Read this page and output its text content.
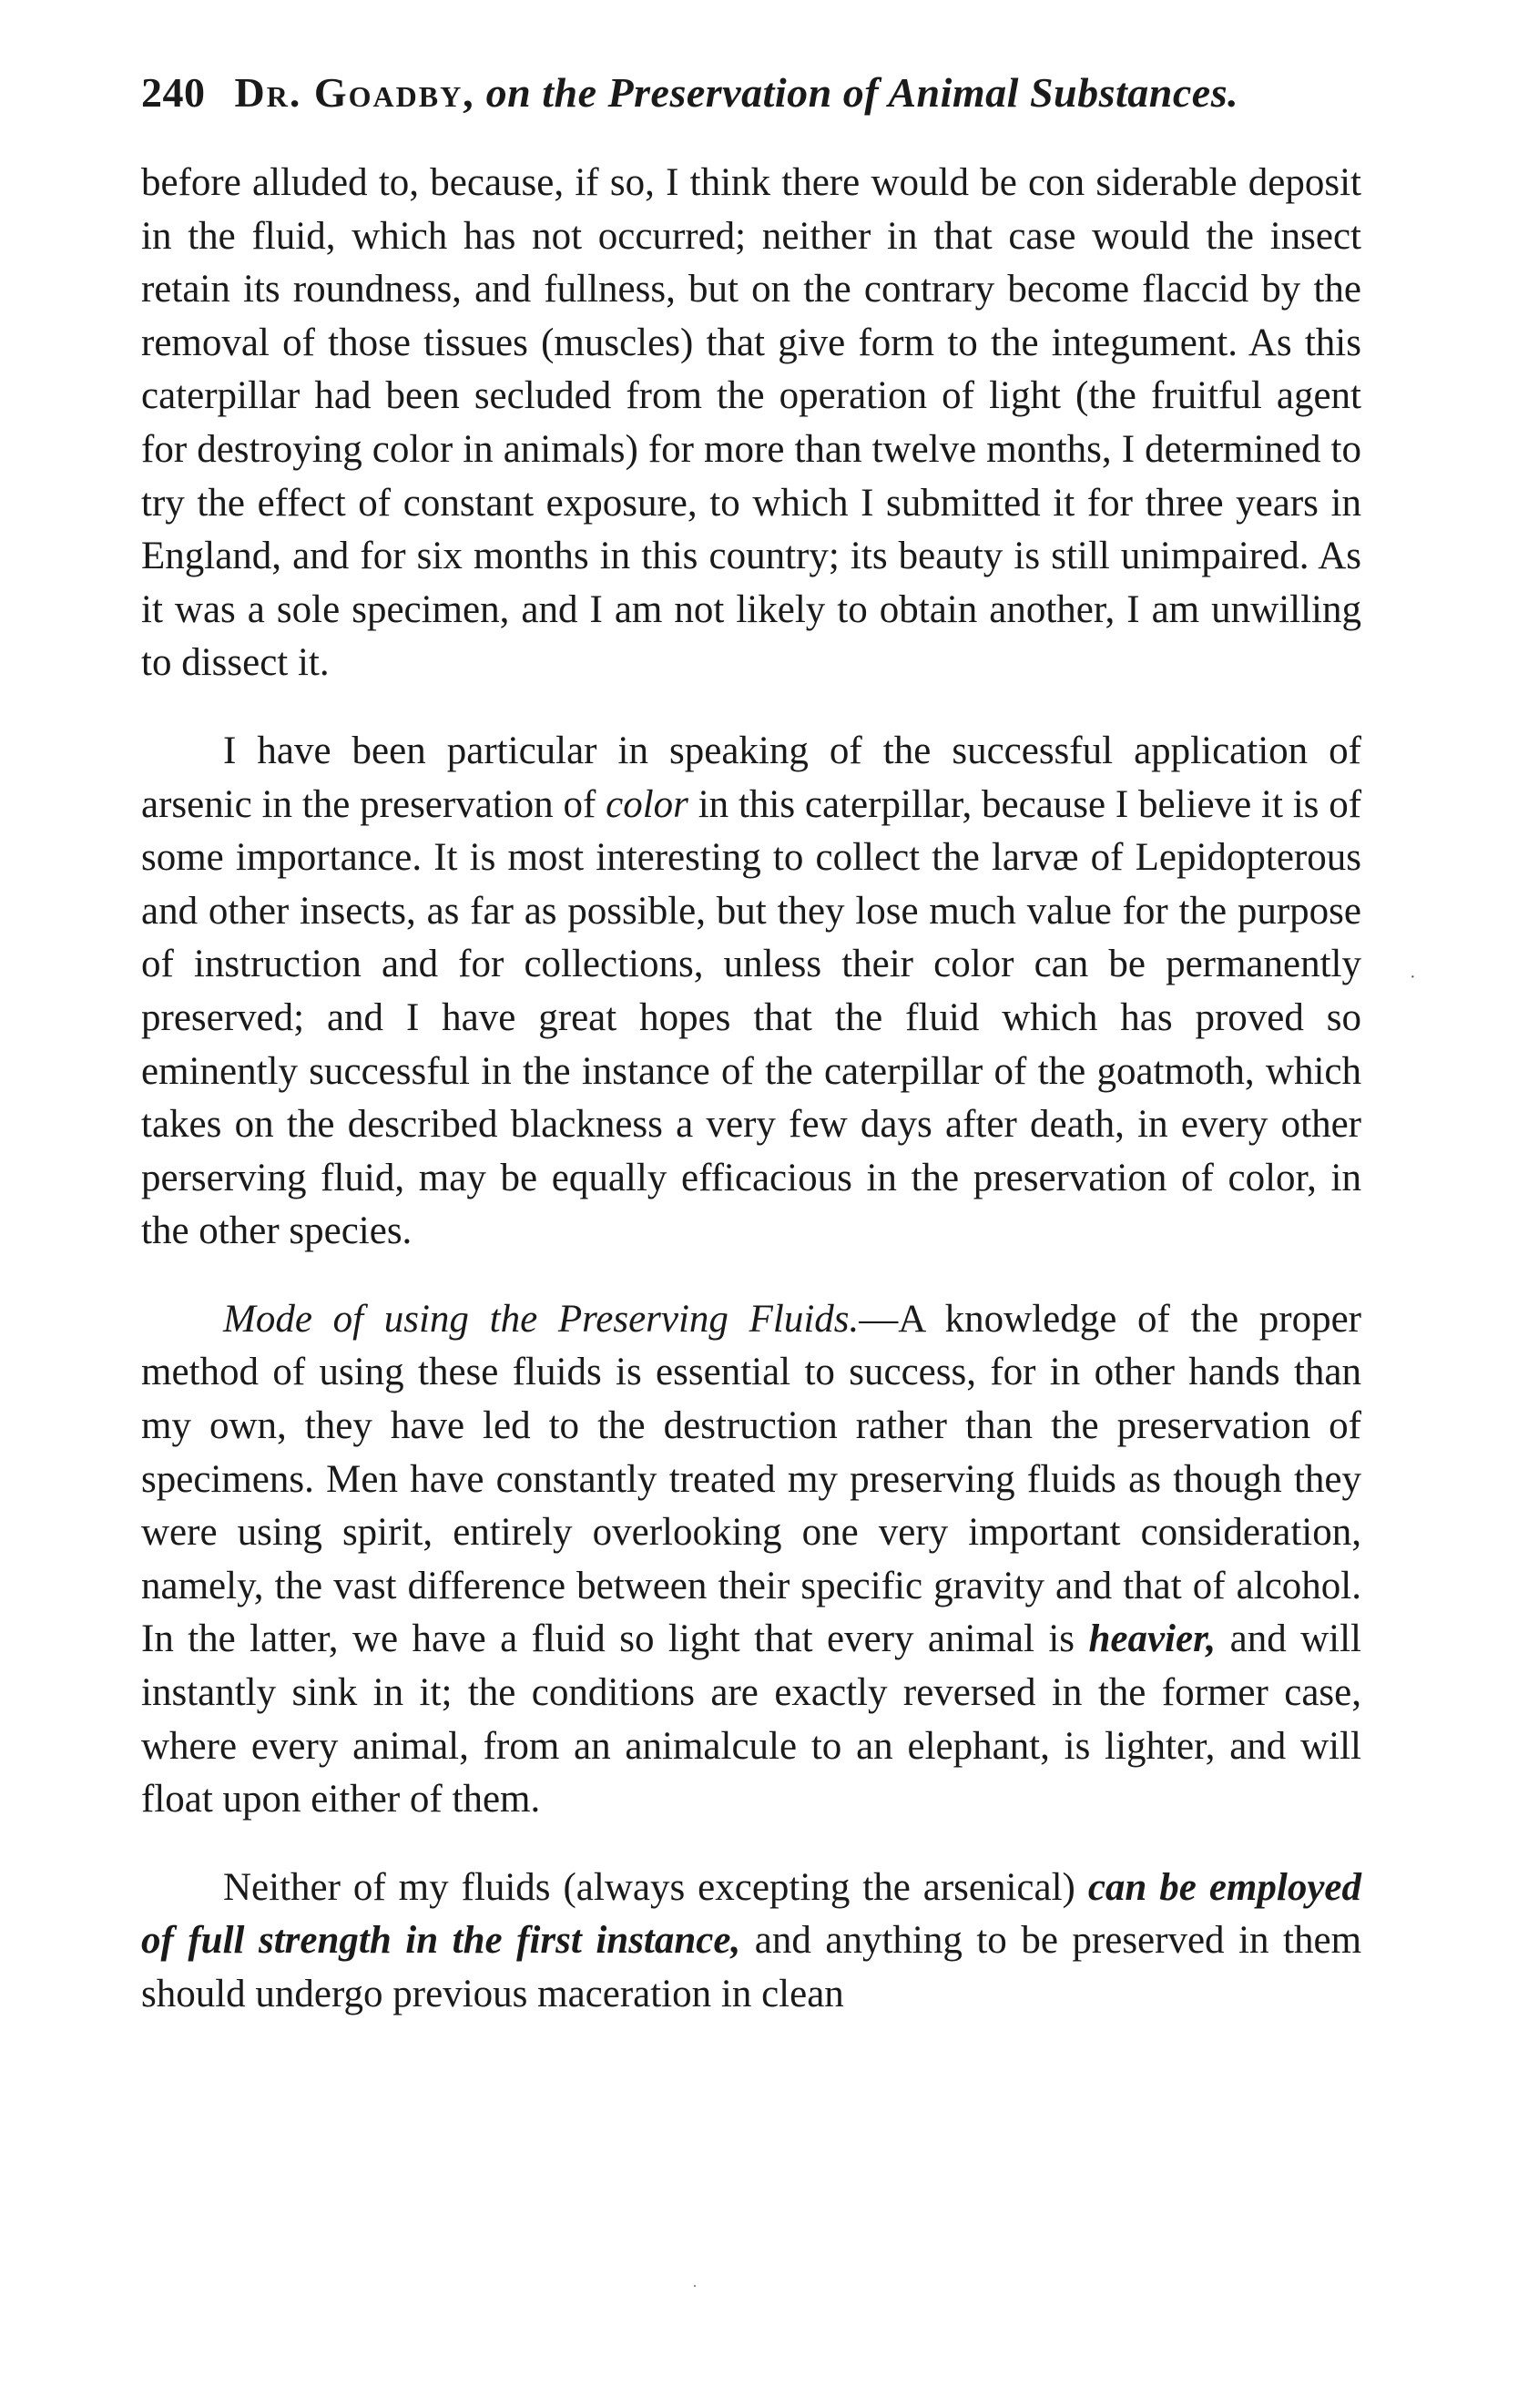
240 Dr. Goadby, on the Preservation of Animal Substances.

before alluded to, because, if so, I think there would be con siderable deposit in the fluid, which has not occurred; neither in that case would the insect retain its roundness, and fullness, but on the contrary become flaccid by the removal of those tissues (muscles) that give form to the integument. As this caterpillar had been secluded from the operation of light (the fruitful agent for destroying color in animals) for more than twelve months, I determined to try the effect of constant exposure, to which I submitted it for three years in England, and for six months in this country; its beauty is still unimpaired. As it was a sole specimen, and I am not likely to obtain another, I am unwilling to dissect it.

I have been particular in speaking of the successful application of arsenic in the preservation of color in this caterpillar, because I believe it is of some importance. It is most interesting to collect the larvæ of Lepidopterous and other insects, as far as possible, but they lose much value for the purpose of instruction and for collections, unless their color can be permanently preserved; and I have great hopes that the fluid which has proved so eminently successful in the instance of the caterpillar of the goatmoth, which takes on the described blackness a very few days after death, in every other perserving fluid, may be equally efficacious in the preservation of color, in the other species.

Mode of using the Preserving Fluids.—A knowledge of the proper method of using these fluids is essential to success, for in other hands than my own, they have led to the destruction rather than the preservation of specimens. Men have constantly treated my preserving fluids as though they were using spirit, entirely overlooking one very important consideration, namely, the vast difference between their specific gravity and that of alcohol. In the latter, we have a fluid so light that every animal is heavier, and will instantly sink in it; the conditions are exactly reversed in the former case, where every animal, from an animalcule to an elephant, is lighter, and will float upon either of them.

Neither of my fluids (always excepting the arsenical) can be employed of full strength in the first instance, and anything to be preserved in them should undergo previous maceration in clean

·
·
